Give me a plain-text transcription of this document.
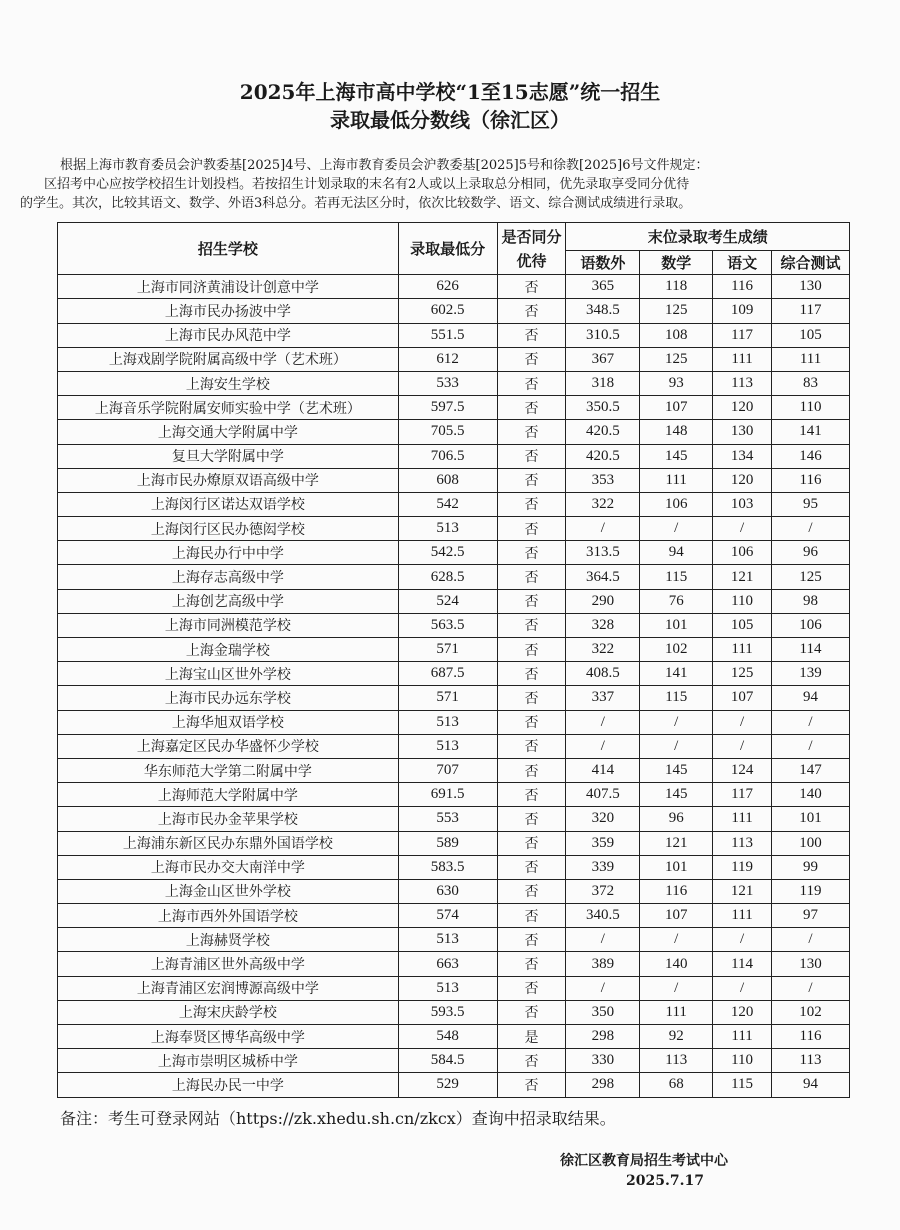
2025年上海市高中学校“1至15志愿”统一招生
录取最低分数线（徐汇区）

根据上海市教育委员会沪教委基[2025]4号、上海市教育委员会沪教委基[2025]5号和徐教[2025]6号文件规定：

区招考中心应按学校招生计划投档。若按招生计划录取的末名有2人或以上录取总分相同，优先录取享受同分优待

的学生。其次，比较其语文、数学、外语3科总分。若再无法区分时，依次比较数学、语文、综合测试成绩进行录取。

招生学校	录取最低分	是否同分优待	末位录取考生成绩			
			语数外	数学	语文	综合测试
上海市同济黄浦设计创意中学	626	否	365	118	116	130
上海市民办扬波中学	602.5	否	348.5	125	109	117
上海市民办风范中学	551.5	否	310.5	108	117	105
上海戏剧学院附属高级中学（艺术班）	612	否	367	125	111	111
上海安生学校	533	否	318	93	113	83
上海音乐学院附属安师实验中学（艺术班）	597.5	否	350.5	107	120	110
上海交通大学附属中学	705.5	否	420.5	148	130	141
复旦大学附属中学	706.5	否	420.5	145	134	146
上海市民办燎原双语高级中学	608	否	353	111	120	116
上海闵行区诺达双语学校	542	否	322	106	103	95
上海闵行区民办德闳学校	513	否	/	/	/	/
上海民办行中中学	542.5	否	313.5	94	106	96
上海存志高级中学	628.5	否	364.5	115	121	125
上海创艺高级中学	524	否	290	76	110	98
上海市同洲模范学校	563.5	否	328	101	105	106
上海金瑞学校	571	否	322	102	111	114
上海宝山区世外学校	687.5	否	408.5	141	125	139
上海市民办远东学校	571	否	337	115	107	94
上海华旭双语学校	513	否	/	/	/	/
上海嘉定区民办华盛怀少学校	513	否	/	/	/	/
华东师范大学第二附属中学	707	否	414	145	124	147
上海师范大学附属中学	691.5	否	407.5	145	117	140
上海市民办金苹果学校	553	否	320	96	111	101
上海浦东新区民办东鼎外国语学校	589	否	359	121	113	100
上海市民办交大南洋中学	583.5	否	339	101	119	99
上海金山区世外学校	630	否	372	116	121	119
上海市西外外国语学校	574	否	340.5	107	111	97
上海赫贤学校	513	否	/	/	/	/
上海青浦区世外高级中学	663	否	389	140	114	130
上海青浦区宏润博源高级中学	513	否	/	/	/	/
上海宋庆龄学校	593.5	否	350	111	120	102
上海奉贤区博华高级中学	548	是	298	92	111	116
上海市崇明区城桥中学	584.5	否	330	113	110	113
上海民办民一中学	529	否	298	68	115	94
备注：考生可登录网站（https://zk.xhedu.sh.cn/zkcx）查询中招录取结果。
徐汇区教育局招生考试中心
2025.7.17
